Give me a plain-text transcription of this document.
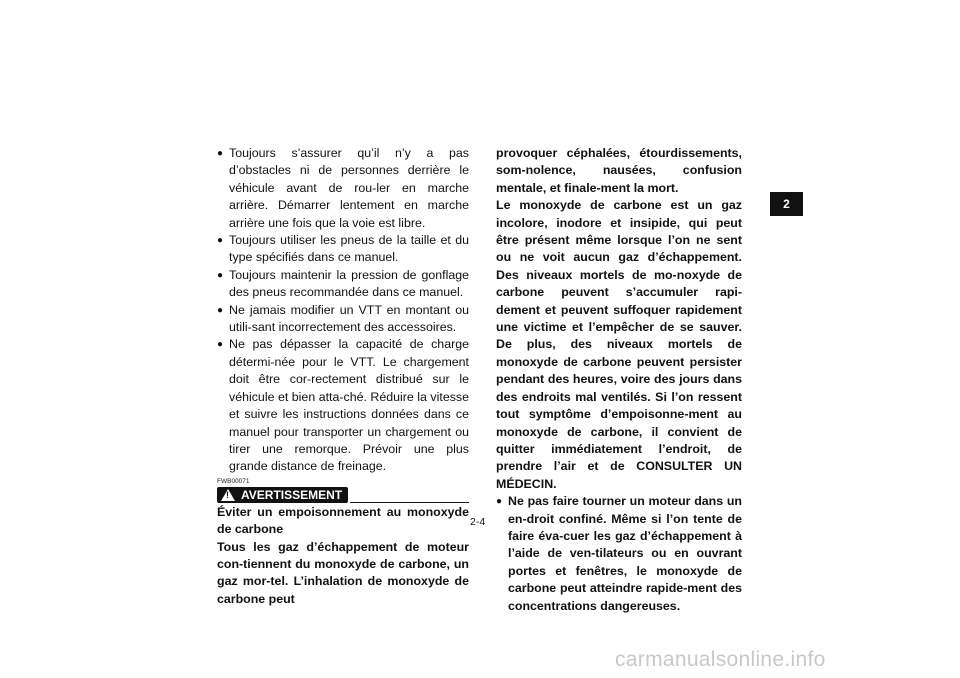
● Toujours s’assurer qu’il n’y a pas d’obstacles ni de personnes derrière le véhicule avant de rou-ler en marche arrière. Démarrer lentement en marche arrière une fois que la voie est libre.
● Toujours utiliser les pneus de la taille et du type spécifiés dans ce manuel.
● Toujours maintenir la pression de gonflage des pneus recommandée dans ce manuel.
● Ne jamais modifier un VTT en montant ou utili-sant incorrectement des accessoires.
● Ne pas dépasser la capacité de charge détermi-née pour le VTT. Le chargement doit être cor-rectement distribué sur le véhicule et bien atta-ché. Réduire la vitesse et suivre les instructions données dans ce manuel pour transporter un chargement ou tirer une remorque. Prévoir une plus grande distance de freinage.
FWB00071
! AVERTISSEMENT
Éviter un empoisonnement au monoxyde de carbone
Tous les gaz d’échappement de moteur con-tiennent du monoxyde de carbone, un gaz mor-tel. L’inhalation de monoxyde de carbone peut
provoquer céphalées, étourdissements, som-nolence, nausées, confusion mentale, et finale-ment la mort.
Le monoxyde de carbone est un gaz incolore, inodore et insipide, qui peut être présent même lorsque l’on ne sent ou ne voit aucun gaz d’échappement. Des niveaux mortels de mo-noxyde de carbone peuvent s’accumuler rapi-dement et peuvent suffoquer rapidement une victime et l’empêcher de se sauver. De plus, des niveaux mortels de monoxyde de carbone peuvent persister pendant des heures, voire des jours dans des endroits mal ventilés. Si l’on ressent tout symptôme d’empoisonne-ment au monoxyde de carbone, il convient de quitter immédiatement l’endroit, de prendre l’air et de CONSULTER UN MÉDECIN.
● Ne pas faire tourner un moteur dans un en-droit confiné. Même si l’on tente de faire éva-cuer les gaz d’échappement à l’aide de ven-tilateurs ou en ouvrant portes et fenêtres, le monoxyde de carbone peut atteindre rapide-ment des concentrations dangereuses.
2
2-4
carmanualsonline.info
